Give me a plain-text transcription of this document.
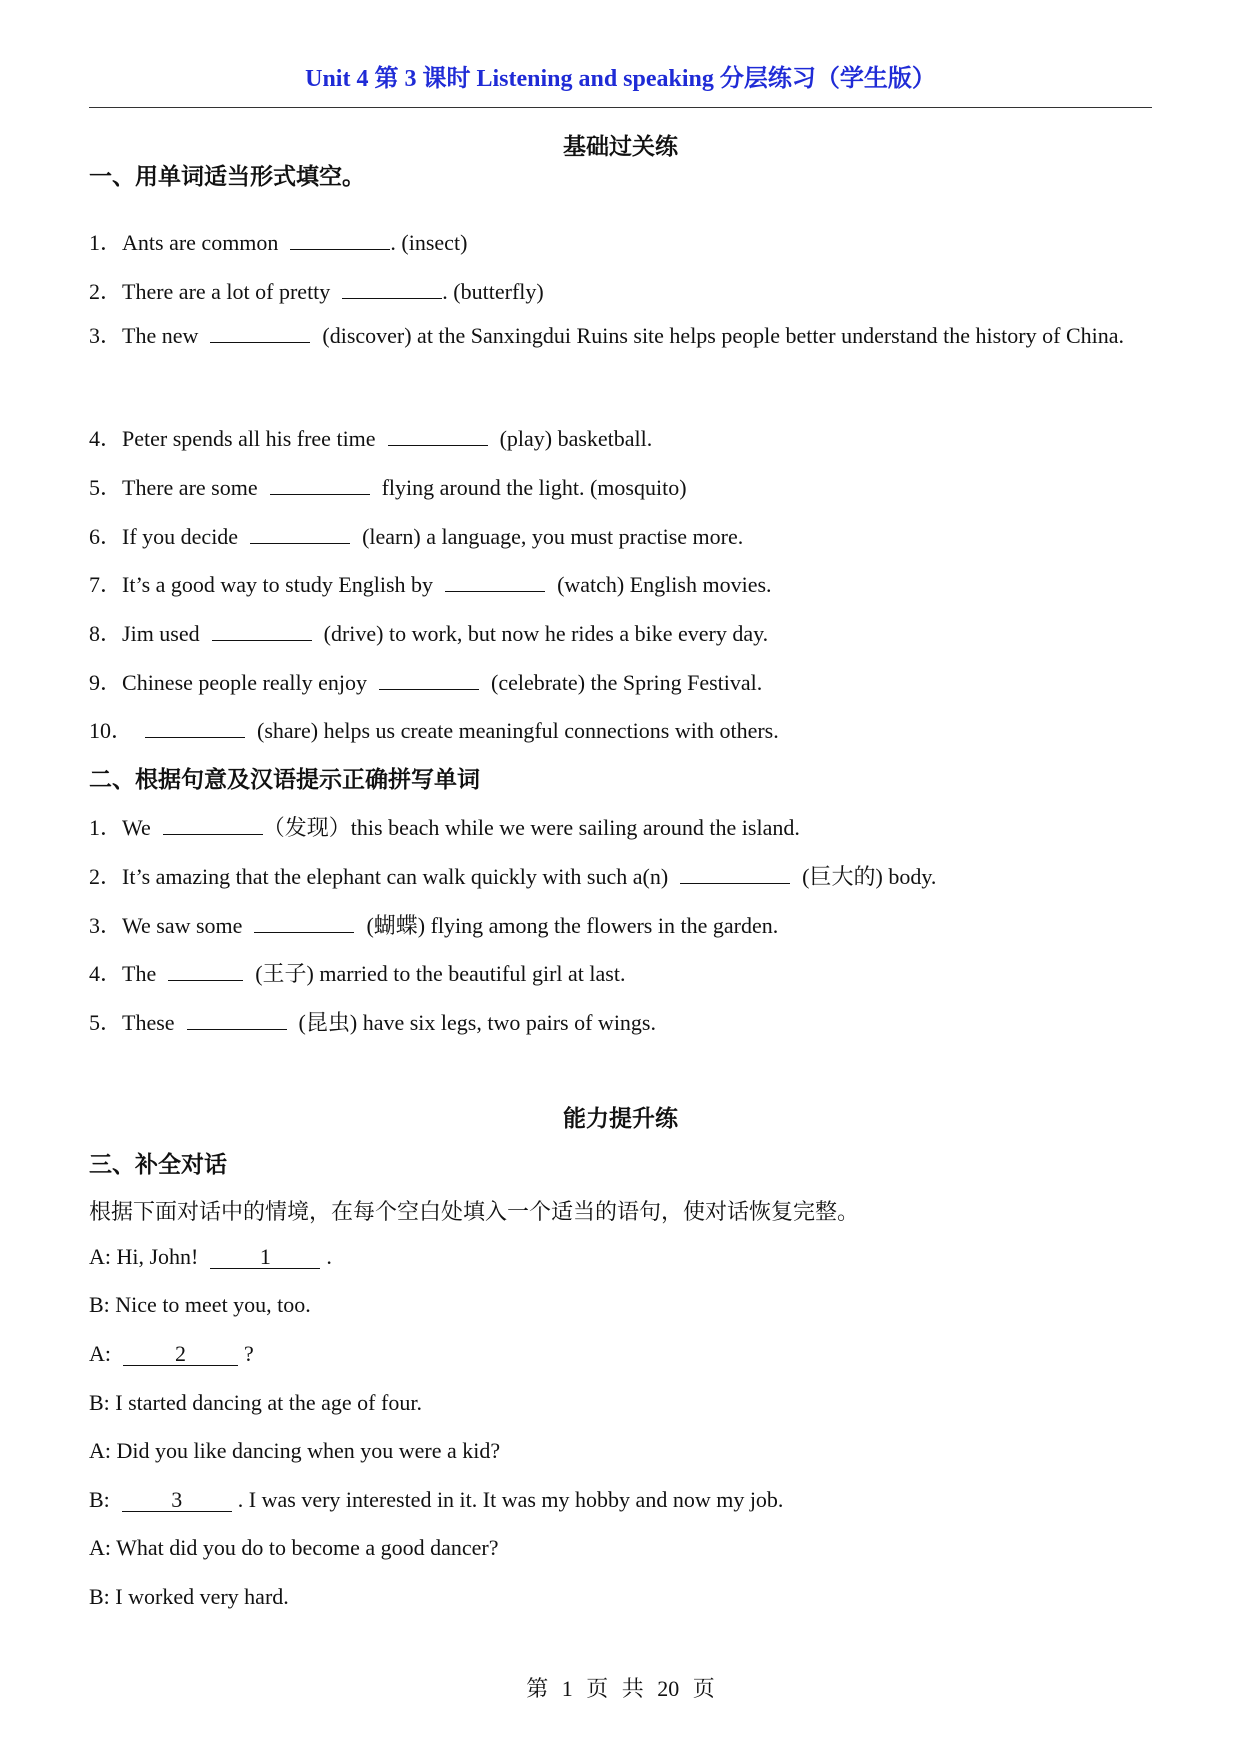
Unit 4 第 3 课时 Listening and speaking 分层练习（学生版）
基础过关练
一、用单词适当形式填空。
1．Ants are common	. (insect)
2．There are a lot of pretty	. (butterfly)
3．The new	(discover) at the Sanxingdui Ruins site helps people better understand the history of China.
4．Peter spends all his free time	(play) basketball.
5．There are some	flying around the light. (mosquito)
6．If you decide	(learn) a language, you must practise more.
7．It’s a good way to study English by	(watch) English movies.
8．Jim used	(drive) to work, but now he rides a bike every day.
9．Chinese people really enjoy	(celebrate) the Spring Festival.
10．	(share) helps us create meaningful connections with others.
二、根据句意及汉语提示正确拼写单词
1．We	（发现）this beach while we were sailing around the island.
2．It’s amazing that the elephant can walk quickly with such a(n)	(巨大的) body.
3．We saw some	(蝴蝶) flying among the flowers in the garden.
4．The	(王子) married to the beautiful girl at last.
5．These	(昆虫) have six legs, two pairs of wings.
能力提升练
三、补全对话
根据下面对话中的情境，在每个空白处填入一个适当的语句，使对话恢复完整。
A: Hi, John!	1	.
B: Nice to meet you, too.
A:	2	?
B: I started dancing at the age of four.
A: Did you like dancing when you were a kid?
B:	3	. I was very interested in it. It was my hobby and now my job.
A: What did you do to become a good dancer?
B: I worked very hard.
第 1 页 共 20 页
